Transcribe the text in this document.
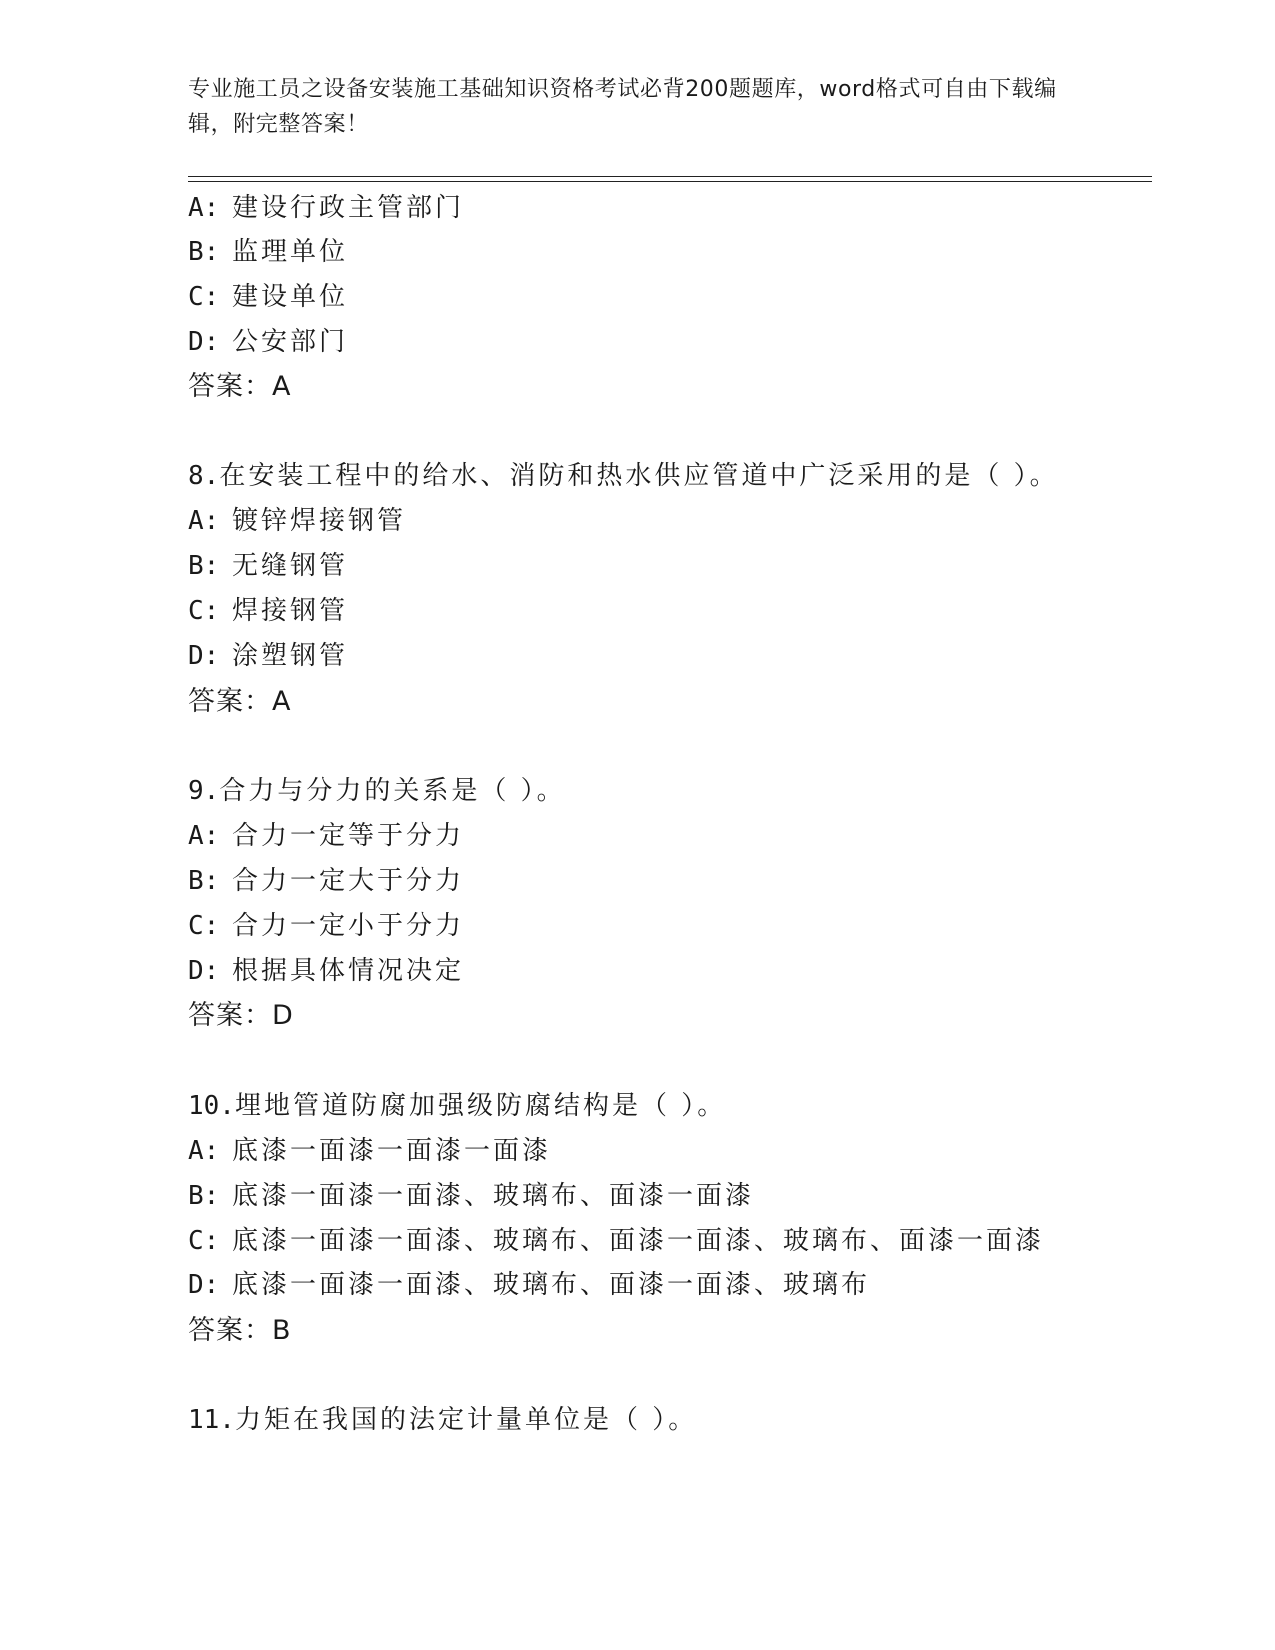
专业施工员之设备安装施工基础知识资格考试必背200题题库，word格式可自由下载编辑，附完整答案！
A: 建设行政主管部门
B: 监理单位
C: 建设单位
D: 公安部门
答案：A
8.在安装工程中的给水、消防和热水供应管道中广泛采用的是（ ）。
A: 镀锌焊接钢管
B: 无缝钢管
C: 焊接钢管
D: 涂塑钢管
答案：A
9.合力与分力的关系是（ ）。
A: 合力一定等于分力
B: 合力一定大于分力
C: 合力一定小于分力
D: 根据具体情况决定
答案：D
10.埋地管道防腐加强级防腐结构是（ ）。
A: 底漆一面漆一面漆一面漆
B: 底漆一面漆一面漆、玻璃布、面漆一面漆
C: 底漆一面漆一面漆、玻璃布、面漆一面漆、玻璃布、面漆一面漆
D: 底漆一面漆一面漆、玻璃布、面漆一面漆、玻璃布
答案：B
11.力矩在我国的法定计量单位是（ ）。
